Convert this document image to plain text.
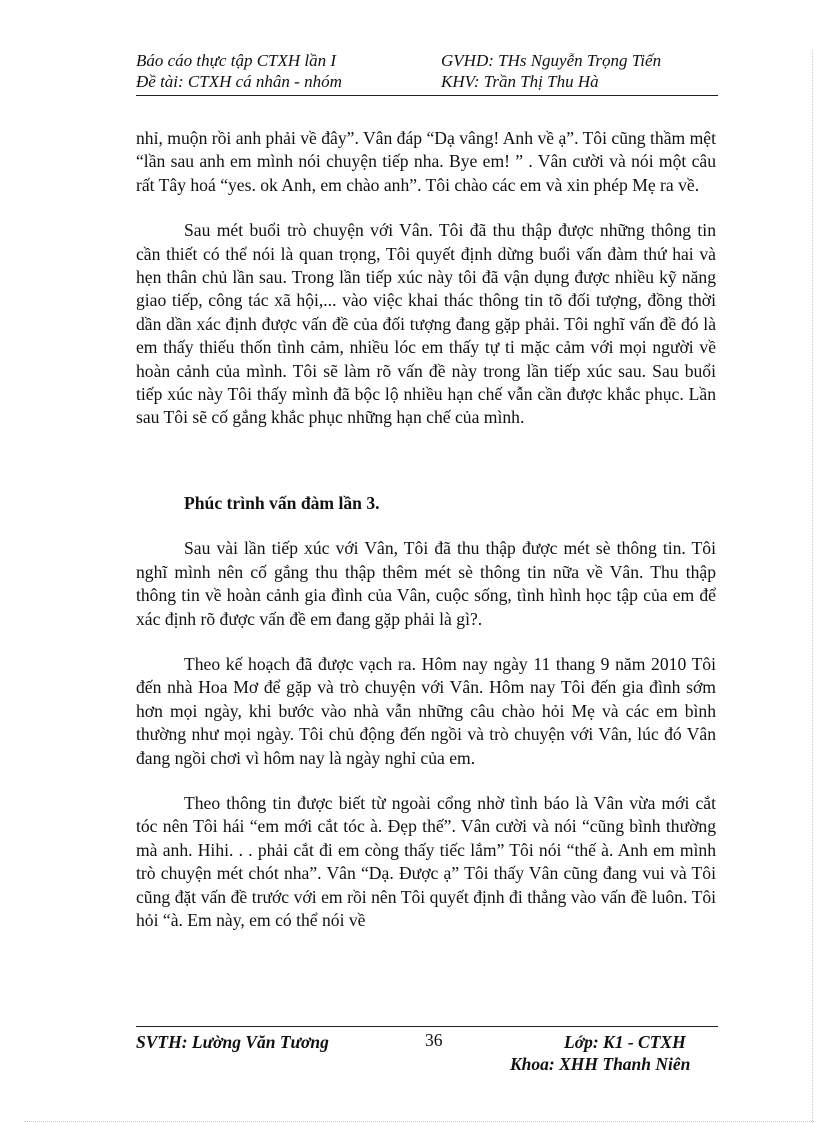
Báo cáo thực tập CTXH lần I	GVHD: THs Nguyễn Trọng Tiến
Đề tài: CTXH cá nhân - nhóm	KHV: Trần Thị Thu Hà

nhỉ, muộn rồi anh phải về đây”. Vân đáp “Dạ vâng! Anh về ạ”. Tôi cũng thầm mệt “lần sau anh em mình nói chuyện tiếp nha. Bye em! ” . Vân cười và nói một câu rất Tây hoá “yes. ok Anh, em chào anh”. Tôi chào các em và xin phép Mẹ ra về.

Sau mét buổi trò chuyện với Vân. Tôi đã thu thập được những thông tin cần thiết có thể nói là quan trọng, Tôi quyết định dừng buổi vấn đàm thứ hai và hẹn thân chủ lần sau. Trong lần tiếp xúc này tôi đã vận dụng được nhiều kỹ năng giao tiếp, công tác xã hội,... vào việc khai thác thông tin tõ đối tượng, đồng thời dần dần xác định được vấn đề của đối tượng đang gặp phải. Tôi nghĩ vấn đề đó là em thấy thiếu thốn tình cảm, nhiều lóc em thấy tự ti mặc cảm với mọi người về hoàn cảnh của mình. Tôi sẽ làm rõ vấn đề này trong lần tiếp xúc sau. Sau buổi tiếp xúc này Tôi thấy mình đã bộc lộ nhiều hạn chế vẫn cần được khắc phục. Lần sau Tôi sẽ cố gắng khắc phục những hạn chế của mình.

Phúc trình vấn đàm lần 3.

Sau vài lần tiếp xúc với Vân, Tôi đã thu thập được mét sè thông tin. Tôi nghĩ mình nên cố gắng thu thập thêm mét sè thông tin nữa về Vân. Thu thập thông tin về hoàn cảnh gia đình của Vân, cuộc sống, tình hình học tập của em để xác định rõ được vấn đề em đang gặp phải là gì?.

Theo kế hoạch đã được vạch ra. Hôm nay ngày 11 thang 9 năm 2010 Tôi đến nhà Hoa Mơ để gặp và trò chuyện với Vân. Hôm nay Tôi đến gia đình sớm hơn mọi ngày, khi bước vào nhà vẫn những câu chào hỏi Mẹ và các em bình thường như mọi ngày. Tôi chủ động đến ngồi và trò chuyện với Vân, lúc đó Vân đang ngồi chơi vì hôm nay là ngày nghỉ của em.

Theo thông tin được biết từ ngoài cổng nhờ tình báo là Vân vừa mới cắt tóc nên Tôi hái “em mới cắt tóc à. Đẹp thế”. Vân cười và nói “cũng bình thường mà anh. Hihi. . . phải cắt đi em còng thấy tiếc lắm” Tôi nói “thế à. Anh em mình trò chuyện mét chót nha”. Vân “Dạ. Được ạ” Tôi thấy Vân cũng đang vui và Tôi cũng đặt vấn đề trước với em rồi nên Tôi quyết định đi thẳng vào vấn đề luôn. Tôi hỏi “à. Em này, em có thể nói về

SVTH: Lường Văn Tương	36	Lớp: K1 - CTXH
Khoa: XHH Thanh Niên
